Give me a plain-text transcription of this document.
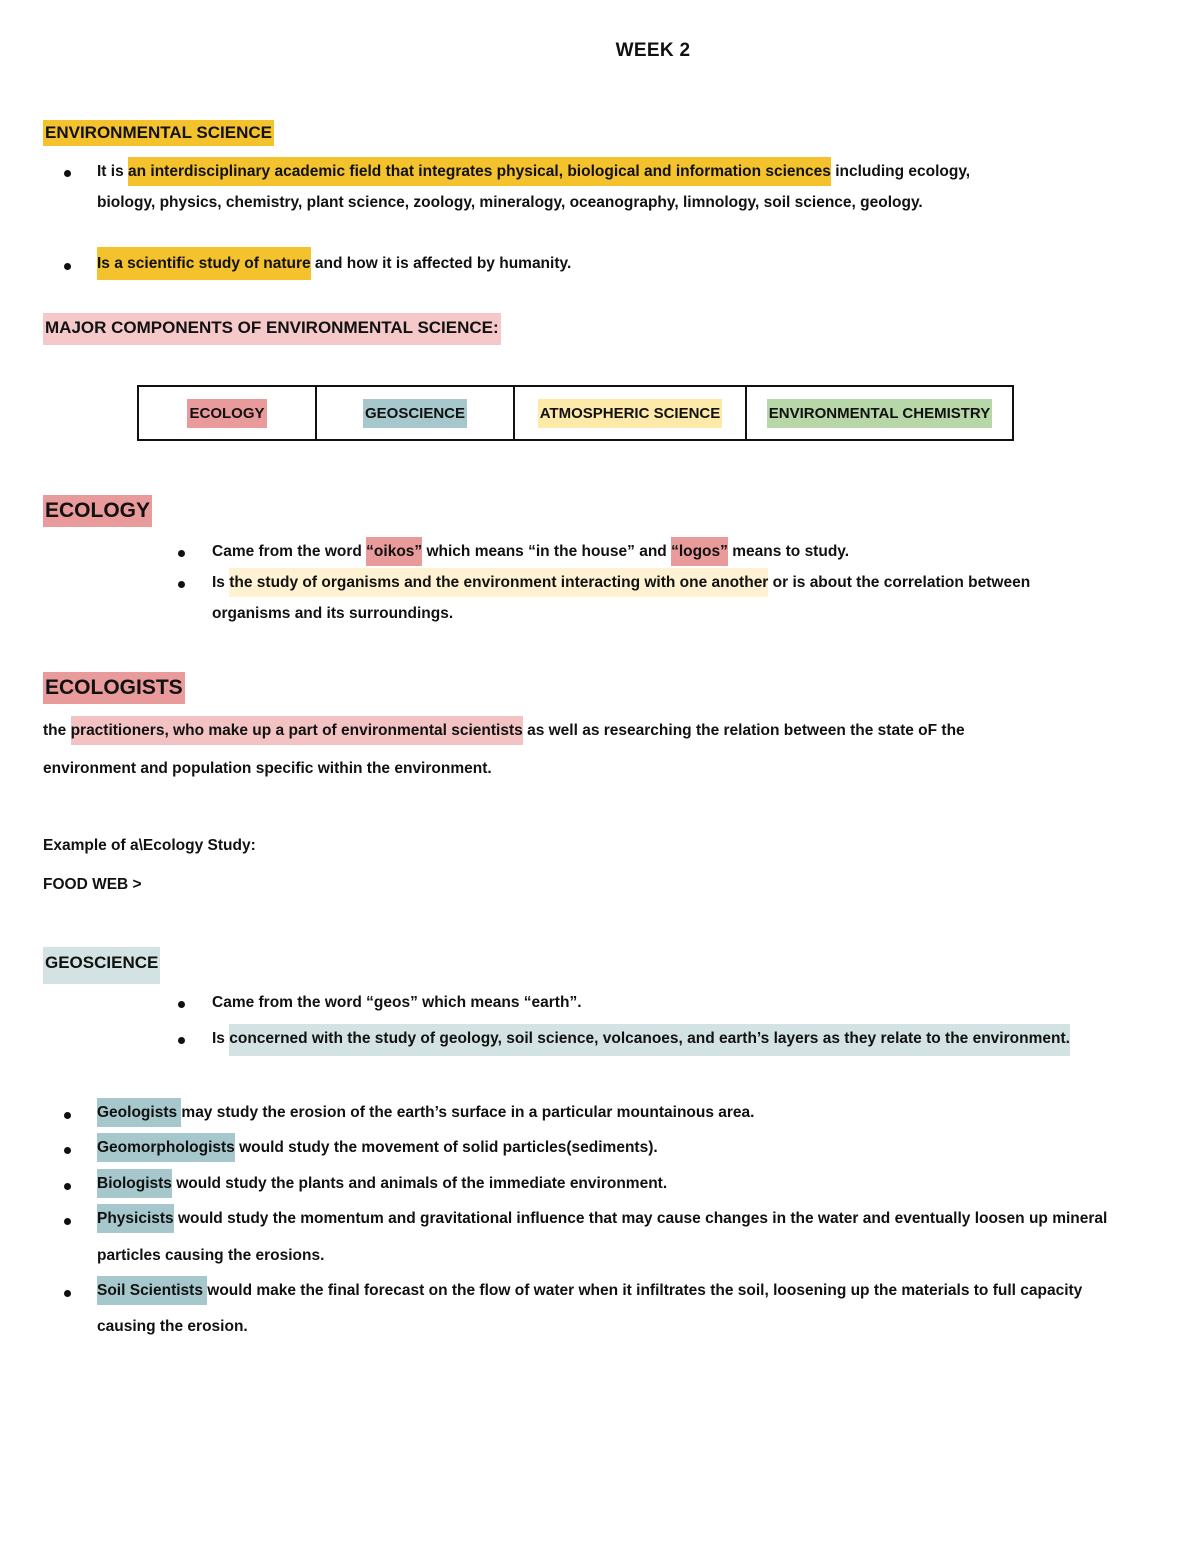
WEEK 2
ENVIRONMENTAL SCIENCE
It is an interdisciplinary academic field that integrates physical, biological and information sciences including ecology,
biology, physics, chemistry, plant science, zoology, mineralogy, oceanography, limnology, soil science, geology.
Is a scientific study of nature and how it is affected by humanity.
MAJOR COMPONENTS OF ENVIRONMENTAL SCIENCE:
ECOLOGY	GEOSCIENCE	ATMOSPHERIC SCIENCE	ENVIRONMENTAL CHEMISTRY
ECOLOGY
Came from the word “oikos” which means “in the house” and “logos” means to study.
Is the study of organisms and the environment interacting with one another or is about the correlation between
organisms and its surroundings.
ECOLOGISTS
the practitioners, who make up a part of environmental scientists as well as researching the relation between the state oF the
environment and population specific within the environment.
Example of a\Ecology Study:
FOOD WEB >
GEOSCIENCE
Came from the word “geos” which means “earth”.
Is concerned with the study of geology, soil science, volcanoes, and earth’s layers as they relate to the environment.
Geologists may study the erosion of the earth’s surface in a particular mountainous area.
Geomorphologists would study the movement of solid particles(sediments).
Biologists would study the plants and animals of the immediate environment.
Physicists would study the momentum and gravitational influence that may cause changes in the water and eventually loosen up mineral
particles causing the erosions.
Soil Scientists would make the final forecast on the flow of water when it infiltrates the soil, loosening up the materials to full capacity
causing the erosion.
